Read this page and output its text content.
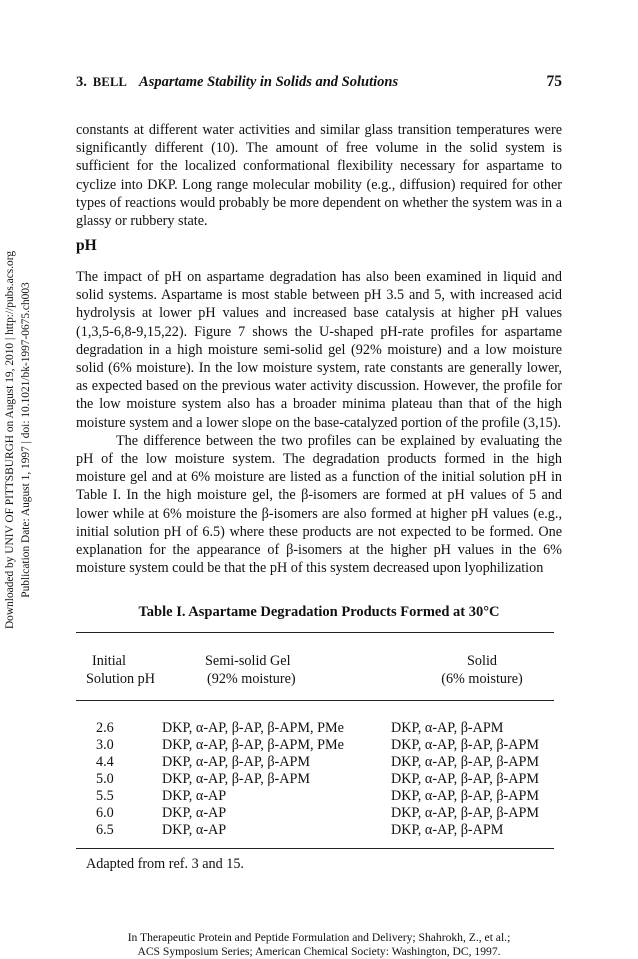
3. BELL Aspartame Stability in Solids and Solutions	75
Downloaded by UNIV OF PITTSBURGH on August 19, 2010 | http://pubs.acs.org Publication Date: August 1, 1997 | doi: 10.1021/bk-1997-0675.ch003

constants at different water activities and similar glass transition temperatures were significantly different (10). The amount of free volume in the solid system is sufficient for the localized conformational flexibility necessary for aspartame to cyclize into DKP. Long range molecular mobility (e.g., diffusion) required for other types of reactions would probably be more dependent on whether the system was in a glassy or rubbery state.

pH

The impact of pH on aspartame degradation has also been examined in liquid and solid systems. Aspartame is most stable between pH 3.5 and 5, with increased acid hydrolysis at lower pH values and increased base catalysis at higher pH values (1,3,5-6,8-9,15,22). Figure 7 shows the U-shaped pH-rate profiles for aspartame degradation in a high moisture semi-solid gel (92% moisture) and a low moisture solid (6% moisture). In the low moisture system, rate constants are generally lower, as expected based on the previous water activity discussion. However, the profile for the low moisture system also has a broader minima plateau than that of the high moisture system and a lower slope on the base-catalyzed portion of the profile (3,15).

The difference between the two profiles can be explained by evaluating the pH of the low moisture system. The degradation products formed in the high moisture gel and at 6% moisture are listed as a function of the initial solution pH in Table I. In the high moisture gel, the β-isomers are formed at pH values of 5 and lower while at 6% moisture the β-isomers are also formed at higher pH values (e.g., initial solution pH of 6.5) where these products are not expected to be formed. One explanation for the appearance of β-isomers at the higher pH values in the 6% moisture system could be that the pH of this system decreased upon lyophilization

Table I. Aspartame Degradation Products Formed at 30°C
Initial
Solution pH
Semi-solid Gel
(92% moisture)
Solid
(6% moisture)
2.6	DKP, α-AP, β-AP, β-APM, PMe	DKP, α-AP, β-APM
3.0	DKP, α-AP, β-AP, β-APM, PMe	DKP, α-AP, β-AP, β-APM
4.4	DKP, α-AP, β-AP, β-APM	DKP, α-AP, β-AP, β-APM
5.0	DKP, α-AP, β-AP, β-APM	DKP, α-AP, β-AP, β-APM
5.5	DKP, α-AP	DKP, α-AP, β-AP, β-APM
6.0	DKP, α-AP	DKP, α-AP, β-AP, β-APM
6.5	DKP, α-AP	DKP, α-AP, β-APM
Adapted from ref. 3 and 15.
In Therapeutic Protein and Peptide Formulation and Delivery; Shahrokh, Z., et al.;
ACS Symposium Series; American Chemical Society: Washington, DC, 1997.
